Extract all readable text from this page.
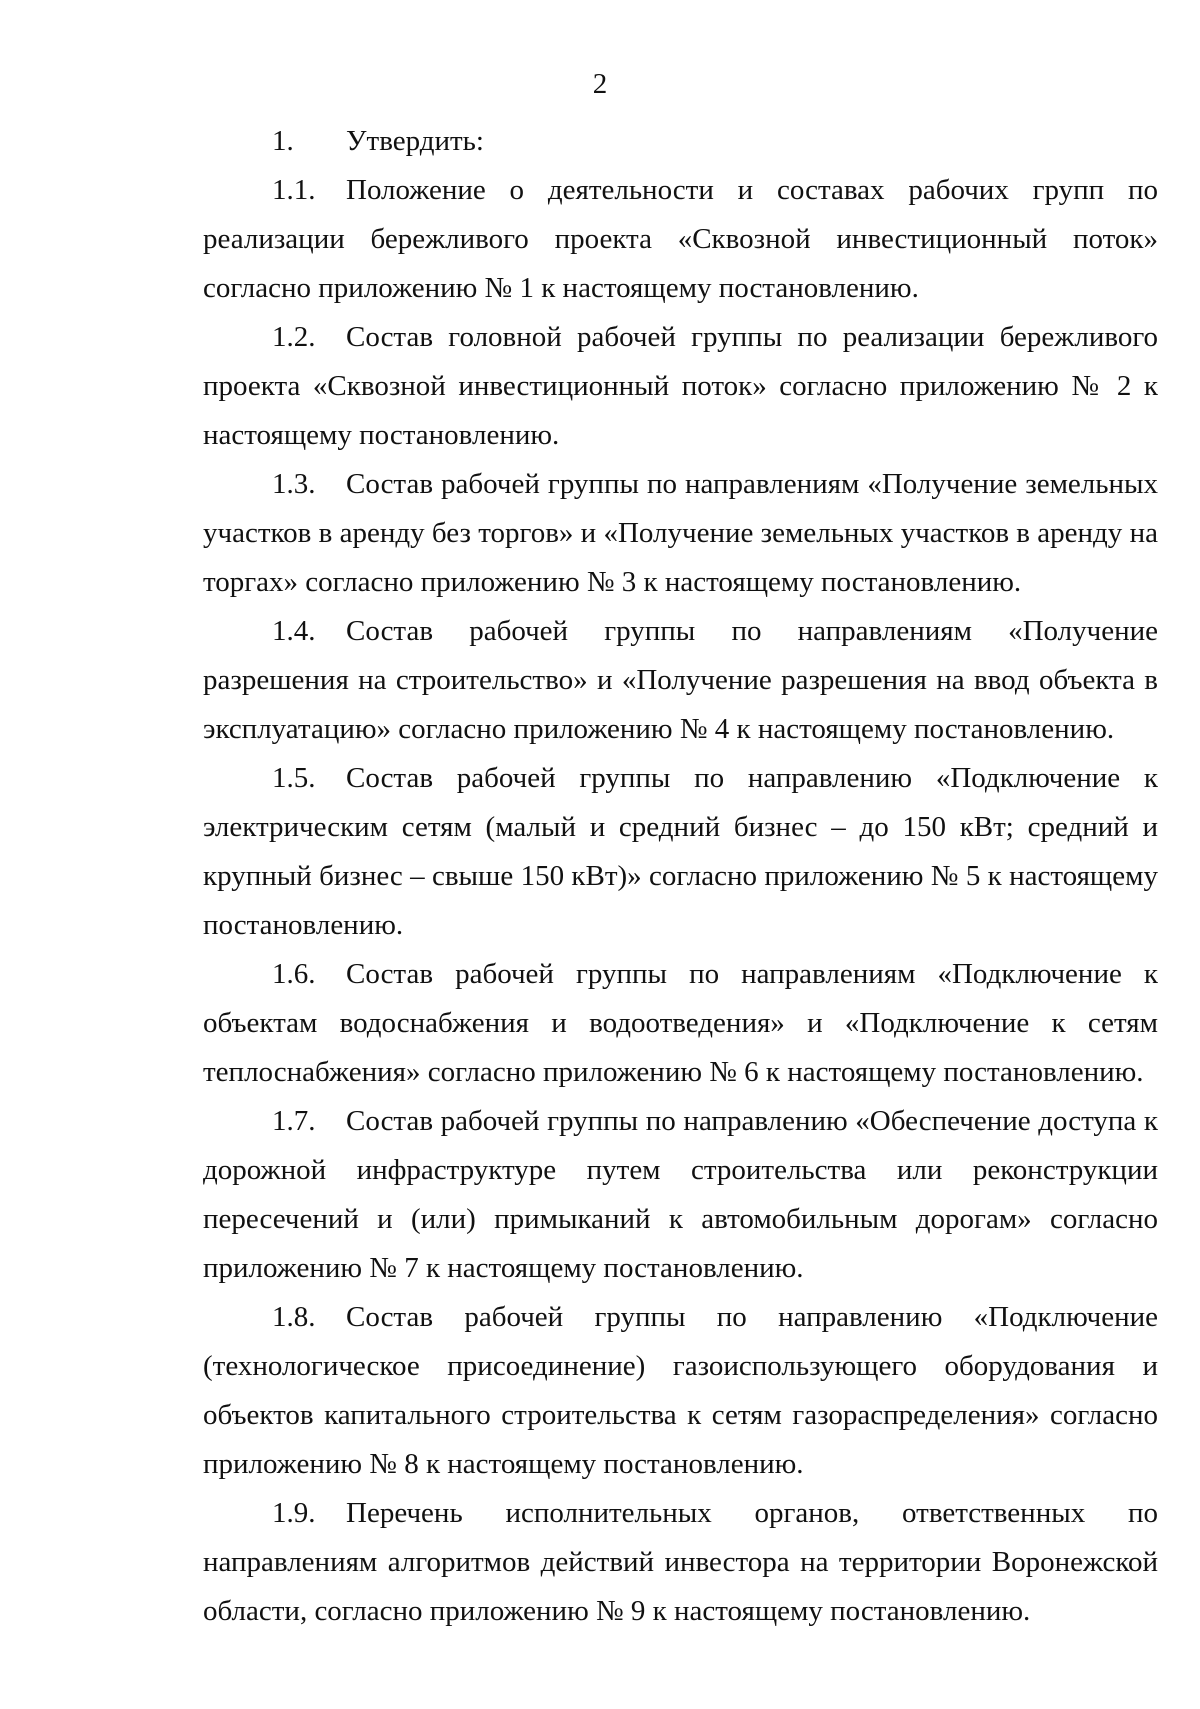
2

1. Утвердить:

1.1. Положение о деятельности и составах рабочих групп по реализации бережливого проекта «Сквозной инвестиционный поток» согласно приложению № 1 к настоящему постановлению.

1.2. Состав головной рабочей группы по реализации бережливого проекта «Сквозной инвестиционный поток» согласно приложению № 2 к настоящему постановлению.

1.3. Состав рабочей группы по направлениям «Получение земельных участков в аренду без торгов» и «Получение земельных участков в аренду на торгах» согласно приложению № 3 к настоящему постановлению.

1.4. Состав рабочей группы по направлениям «Получение разрешения на строительство» и «Получение разрешения на ввод объекта в эксплуатацию» согласно приложению № 4 к настоящему постановлению.

1.5. Состав рабочей группы по направлению «Подключение к электрическим сетям (малый и средний бизнес – до 150 кВт; средний и крупный бизнес – свыше 150 кВт)» согласно приложению № 5 к настоящему постановлению.

1.6. Состав рабочей группы по направлениям «Подключение к объектам водоснабжения и водоотведения» и «Подключение к сетям теплоснабжения» согласно приложению № 6 к настоящему постановлению.

1.7. Состав рабочей группы по направлению «Обеспечение доступа к дорожной инфраструктуре путем строительства или реконструкции пересечений и (или) примыканий к автомобильным дорогам» согласно приложению № 7 к настоящему постановлению.

1.8. Состав рабочей группы по направлению «Подключение (технологическое присоединение) газоиспользующего оборудования и объектов капитального строительства к сетям газораспределения» согласно приложению № 8 к настоящему постановлению.

1.9. Перечень исполнительных органов, ответственных по направлениям алгоритмов действий инвестора на территории Воронежской области, согласно приложению № 9 к настоящему постановлению.
